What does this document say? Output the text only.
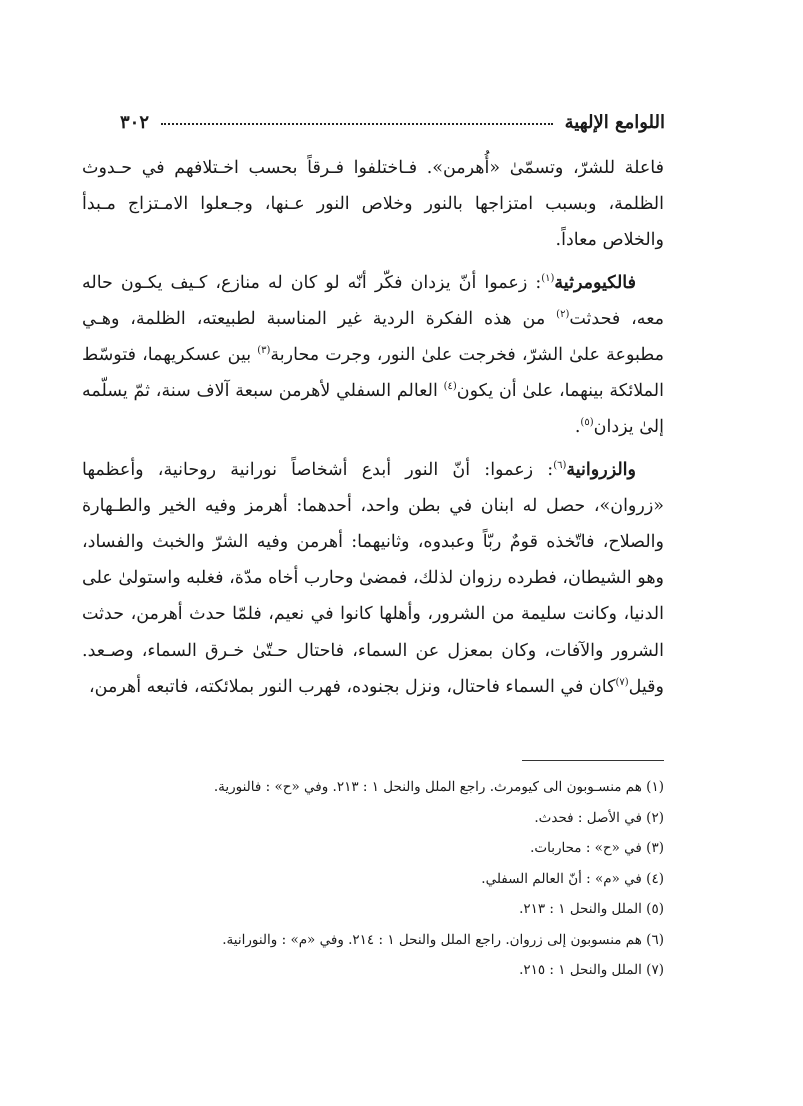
اللوامع الإلهية
٣٠٢

فاعلة للشرّ، وتسمّىٰ «أُهرمن». فـاختلفوا فـرقاً بحسب اخـتلافهم في حـدوث الظلمة، وبسبب امتزاجها بالنور وخلاص النور عـنها، وجـعلوا الامـتزاج مـبدأ والخلاص معاداً.

فالكيومرثية$^{(١)}$: زعموا أنّ يزدان فكّر أنّه لو كان له منازع، كـيف يكـون حاله معه، فحدثت$^{(٢)}$ من هذه الفكرة الردية غير المناسبة لطبيعته، الظلمة، وهـي مطبوعة علىٰ الشرّ، فخرجت علىٰ النور، وجرت محاربة$^{(٣)}$ بين عسكريهما، فتوسّط الملائكة بينهما، علىٰ أن يكون$^{(٤)}$ العالم السفلي لأهرمن سبعة آلاف سنة، ثمّ يسلّمه إلىٰ يزدان$^{(٥)}$.

والزروانية$^{(٦)}$: زعموا: أنّ النور أبدع أشخاصاً نورانية روحانية، وأعظمها «زروان»، حصل له ابنان في بطن واحد، أحدهما: أهرمز وفيه الخير والطـهارة والصلاح، فاتّخذه قومٌ ربّاً وعبدوه، وثانيهما: أهرمن وفيه الشرّ والخبث والفساد، وهو الشيطان، فطرده رزوان لذلك، فمضىٰ وحارب أخاه مدّة، فغلبه واستولىٰ على الدنيا، وكانت سليمة من الشرور، وأهلها كانوا في نعيم، فلمّا حدث أهرمن، حدثت الشرور والآفات، وكان بمعزل عن السماء، فاحتال حـتّىٰ خـرق السماء، وصـعد. وقيل$^{(٧)}$كان في السماء فاحتال، ونزل بجنوده، فهرب النور بملائكته، فاتبعه أهرمن،

(١) هم منسـوبون الى كيومرث. راجع الملل والنحل ١ : ٢١٣. وفي «ح» : فالنورية.
(٢) في الأصل : فحدث.
(٣) في «ح» : محاربات.
(٤) في «م» : أنّ العالم السفلي.
(٥) الملل والنحل ١ : ٢١٣.
(٦) هم منسوبون إلى زروان. راجع الملل والنحل ١ : ٢١٤. وفي «م» : والنورانية.
(٧) الملل والنحل ١ : ٢١٥.
